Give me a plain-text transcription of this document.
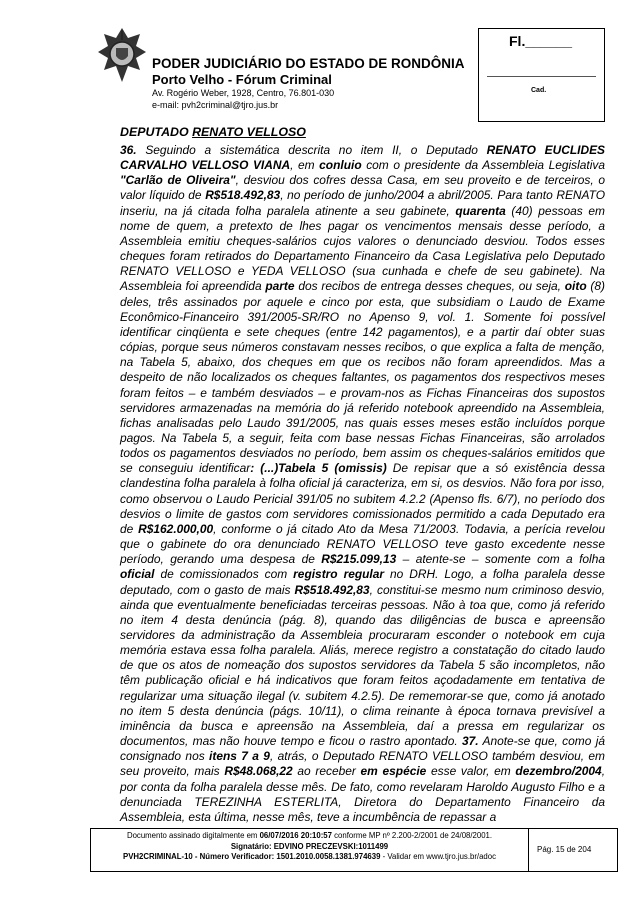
PODER JUDICIÁRIO DO ESTADO DE RONDÔNIA
Porto Velho - Fórum Criminal
Av. Rogério Weber, 1928, Centro, 76.801-030
e-mail: pvh2criminal@tjro.jus.br
Fl.______
Cad.
DEPUTADO RENATO VELLOSO
36. Seguindo a sistemática descrita no item II, o Deputado RENATO EUCLIDES CARVALHO VELLOSO VIANA, em conluio com o presidente da Assembleia Legislativa "Carlão de Oliveira", desviou dos cofres dessa Casa, em seu proveito e de terceiros, o valor líquido de R$518.492,83, no período de junho/2004 a abril/2005. Para tanto RENATO inseriu, na já citada folha paralela atinente a seu gabinete, quarenta (40) pessoas em nome de quem, a pretexto de lhes pagar os vencimentos mensais desse período, a Assembleia emitiu cheques-salários cujos valores o denunciado desviou. Todos esses cheques foram retirados do Departamento Financeiro da Casa Legislativa pelo Deputado RENATO VELLOSO e YEDA VELLOSO (sua cunhada e chefe de seu gabinete). Na Assembleia foi apreendida parte dos recibos de entrega desses cheques, ou seja, oito (8) deles, três assinados por aquele e cinco por esta, que subsidiam o Laudo de Exame Econômico-Financeiro 391/2005-SR/RO no Apenso 9, vol. 1. Somente foi possível identificar cinqüenta e sete cheques (entre 142 pagamentos), e a partir daí obter suas cópias, porque seus números constavam nesses recibos, o que explica a falta de menção, na Tabela 5, abaixo, dos cheques em que os recibos não foram apreendidos. Mas a despeito de não localizados os cheques faltantes, os pagamentos dos respectivos meses foram feitos – e também desviados – e provam-nos as Fichas Financeiras dos supostos servidores armazenadas na memória do já referido notebook apreendido na Assembleia, fichas analisadas pelo Laudo 391/2005, nas quais esses meses estão incluídos porque pagos. Na Tabela 5, a seguir, feita com base nessas Fichas Financeiras, são arrolados todos os pagamentos desviados no período, bem assim os cheques-salários emitidos que se conseguiu identificar: (...)Tabela 5 (omissis) De repisar que a só existência dessa clandestina folha paralela à folha oficial já caracteriza, em si, os desvios. Não fora por isso, como observou o Laudo Pericial 391/05 no subitem 4.2.2 (Apenso fls. 6/7), no período dos desvios o limite de gastos com servidores comissionados permitido a cada Deputado era de R$162.000,00, conforme o já citado Ato da Mesa 71/2003. Todavia, a perícia revelou que o gabinete do ora denunciado RENATO VELLOSO teve gasto excedente nesse período, gerando uma despesa de R$215.099,13 – atente-se – somente com a folha oficial de comissionados com registro regular no DRH. Logo, a folha paralela desse deputado, com o gasto de mais R$518.492,83, constitui-se mesmo num criminoso desvio, ainda que eventualmente beneficiadas terceiras pessoas. Não à toa que, como já referido no item 4 desta denúncia (pág. 8), quando das diligências de busca e apreensão servidores da administração da Assembleia procuraram esconder o notebook em cuja memória estava essa folha paralela. Aliás, merece registro a constatação do citado laudo de que os atos de nomeação dos supostos servidores da Tabela 5 são incompletos, não têm publicação oficial e há indicativos que foram feitos açodadamente em tentativa de regularizar uma situação ilegal (v. subitem 4.2.5). De rememorar-se que, como já anotado no item 5 desta denúncia (págs. 10/11), o clima reinante à época tornava previsível a iminência da busca e apreensão na Assembleia, daí a pressa em regularizar os documentos, mas não houve tempo e ficou o rastro apontado. 37. Anote-se que, como já consignado nos itens 7 a 9, atrás, o Deputado RENATO VELLOSO também desviou, em seu proveito, mais R$48.068,22 ao receber em espécie esse valor, em dezembro/2004, por conta da folha paralela desse mês. De fato, como revelaram Haroldo Augusto Filho e a denunciada TEREZINHA ESTERLITA, Diretora do Departamento Financeiro da Assembleia, esta última, nesse mês, teve a incumbência de repassar a
Documento assinado digitalmente em 06/07/2016 20:10:57 conforme MP nº 2.200-2/2001 de 24/08/2001.
Signatário: EDVINO PRECZEVSKI:1011499
PVH2CRIMINAL-10 - Número Verificador: 1501.2010.0058.1381.974639 - Validar em www.tjro.jus.br/adoc
Pág. 15 de 204
